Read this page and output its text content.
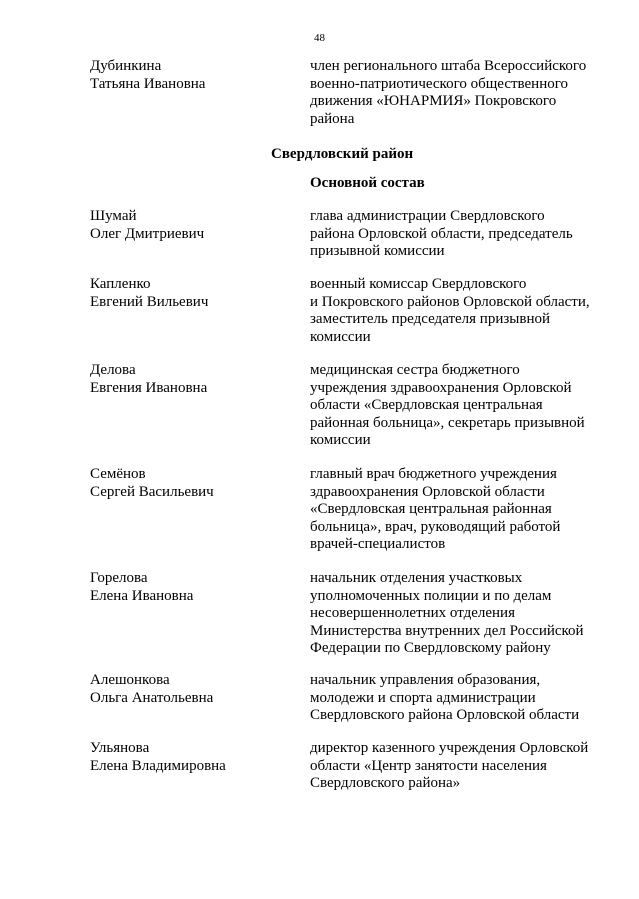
48
Дубинкина
Татьяна Ивановна
член регионального штаба Всероссийского
военно-патриотического общественного
движения «ЮНАРМИЯ» Покровского
района
Свердловский район
Основной состав
Шумай
Олег Дмитриевич
глава администрации Свердловского
района Орловской области, председатель
призывной комиссии
Капленко
Евгений Вильевич
военный комиссар Свердловского
и Покровского районов Орловской области,
заместитель председателя призывной
комиссии
Делова
Евгения Ивановна
медицинская сестра бюджетного
учреждения здравоохранения Орловской
области «Свердловская центральная
районная больница», секретарь призывной
комиссии
Семёнов
Сергей Васильевич
главный врач бюджетного учреждения
здравоохранения Орловской области
«Свердловская центральная районная
больница», врач, руководящий работой
врачей-специалистов
Горелова
Елена Ивановна
начальник отделения участковых
уполномоченных полиции и по делам
несовершеннолетних отделения
Министерства внутренних дел Российской
Федерации по Свердловскому району
Алешонкова
Ольга Анатольевна
начальник управления образования,
молодежи и спорта администрации
Свердловского района Орловской области
Ульянова
Елена Владимировна
директор казенного учреждения Орловской
области «Центр занятости населения
Свердловского района»
